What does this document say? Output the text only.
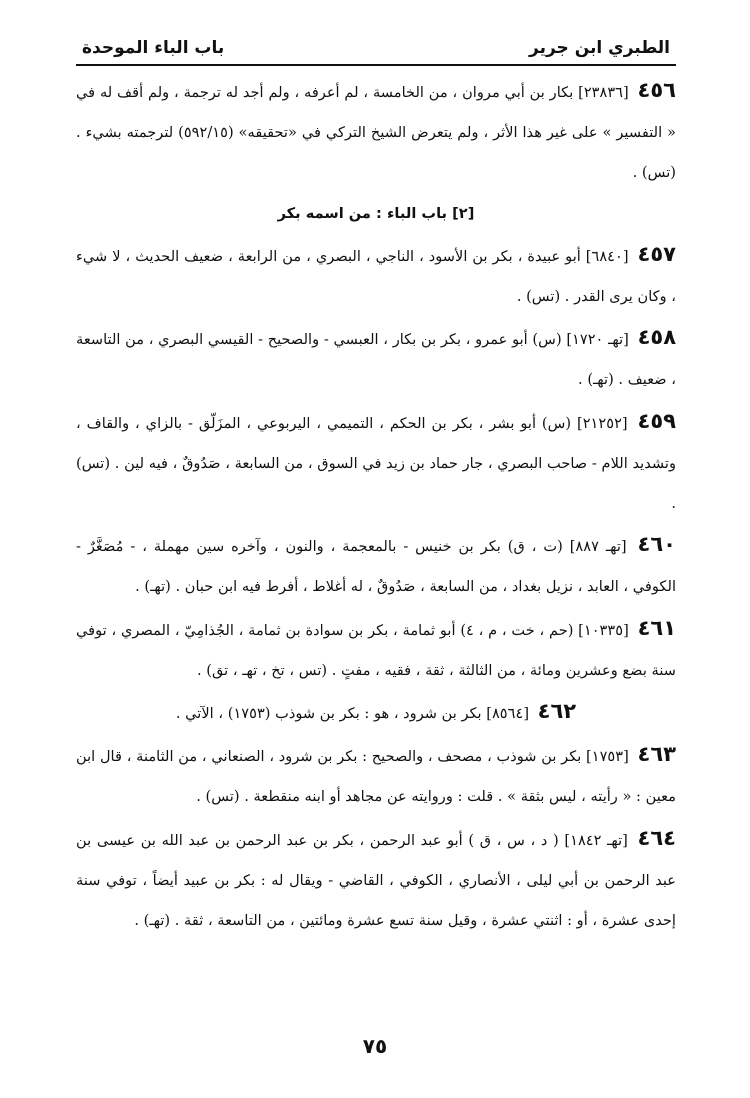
الطبري ابن جرير
باب الباء الموحدة

٤٥٦ [٢٣٨٣٦] بكار بن أبي مروان ، من الخامسة ، لم أعرفه ، ولم أجد له ترجمة ، ولم أقف له في « التفسير » على غير هذا الأثر ، ولم يتعرض الشيخ التركي في «تحقيقه» (٥٩٢/١٥) لترجمته بشيء . (تس) .

[٢] باب الباء : من اسمه بكر

٤٥٧ [٦٨٤٠] أبو عبيدة ، بكر بن الأسود ، الناجي ، البصري ، من الرابعة ، ضعيف الحديث ، لا شيء ، وكان يرى القدر . (تس) .

٤٥٨ [تهـ ١٧٢٠] (س) أبو عمرو ، بكر بن بكار ، العبسي - والصحيح - القيسي البصري ، من التاسعة ، ضعيف . (تهـ) .

٤٥٩ [٢١٢٥٢] (س) أبو بشر ، بكر بن الحكم ، التميمي ، اليربوعي ، المزَلّق - بالزاي ، والقاف ، وتشديد اللام - صاحب البصري ، جار حماد بن زيد في السوق ، من السابعة ، صَدُوقٌ ، فيه لين . (تس) .

٤٦٠ [تهـ ٨٨٧] (ت ، ق) بكر بن خنيس - بالمعجمة ، والنون ، وآخره سين مهملة ، - مُصَغَّرٌ - الكوفي ، العابد ، نزيل بغداد ، من السابعة ، صَدُوقٌ ، له أغلاط ، أفرط فيه ابن حبان . (تهـ) .

٤٦١ [١٠٣٣٥] (حم ، خت ، م ، ٤) أبو ثمامة ، بكر بن سوادة بن ثمامة ، الجُذامِيّ ، المصري ، توفي سنة بضع وعشرين ومائة ، من الثالثة ، ثقة ، فقيه ، مفتٍ . (تس ، تخ ، تهـ ، تق) .

٤٦٢ [٨٥٦٤] بكر بن شرود ، هو : بكر بن شوذب (١٧٥٣) ، الآتي .

٤٦٣ [١٧٥٣] بكر بن شوذب ، مصحف ، والصحيح : بكر بن شرود ، الصنعاني ، من الثامنة ، قال ابن معين : « رأيته ، ليس بثقة » . قلت : وروايته عن مجاهد أو ابنه منقطعة . (تس) .

٤٦٤ [تهـ ١٨٤٢] ( د ، س ، ق ) أبو عبد الرحمن ، بكر بن عبد الرحمن بن عبد الله بن عيسى بن عبد الرحمن بن أبي ليلى ، الأنصاري ، الكوفي ، القاضي - ويقال له : بكر بن عبيد أيضاً ، توفي سنة إحدى عشرة ، أو : اثنتي عشرة ، وقيل سنة تسع عشرة ومائتين ، من التاسعة ، ثقة . (تهـ) .

٧٥
